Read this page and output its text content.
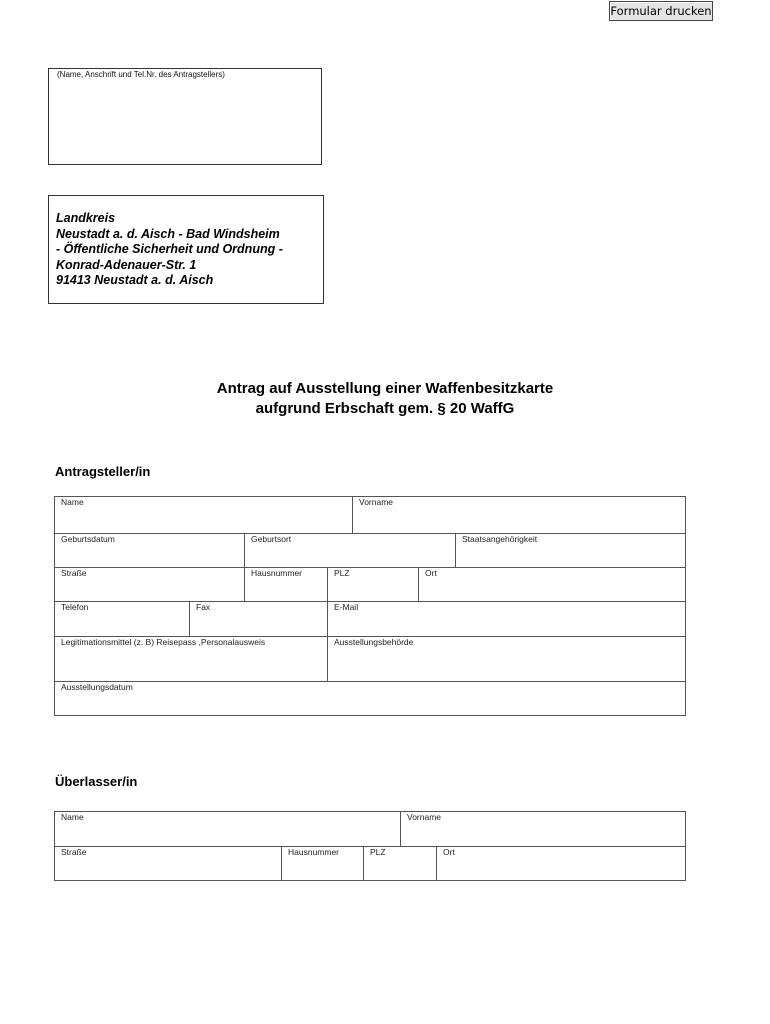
Formular drucken
(Name, Anschrift und Tel.Nr. des Antragstellers)
Landkreis
Neustadt a. d. Aisch - Bad Windsheim
- Öffentliche Sicherheit und Ordnung -
Konrad-Adenauer-Str. 1
91413 Neustadt a. d. Aisch
Antrag auf Ausstellung einer Waffenbesitzkarte
aufgrund Erbschaft gem. § 20 WaffG
Antragsteller/in
Name	Vorname
Geburtsdatum	Geburtsort	Staatsangehörigkeit
Straße	Hausnummer	PLZ	Ort
Telefon	Fax	E-Mail
Legitimationsmittel (z. B) Reisepass ,Personalausweis	Ausstellungsbehörde
Ausstellungsdatum
Überlasser/in
Name	Vorname
Straße	Hausnummer	PLZ	Ort
